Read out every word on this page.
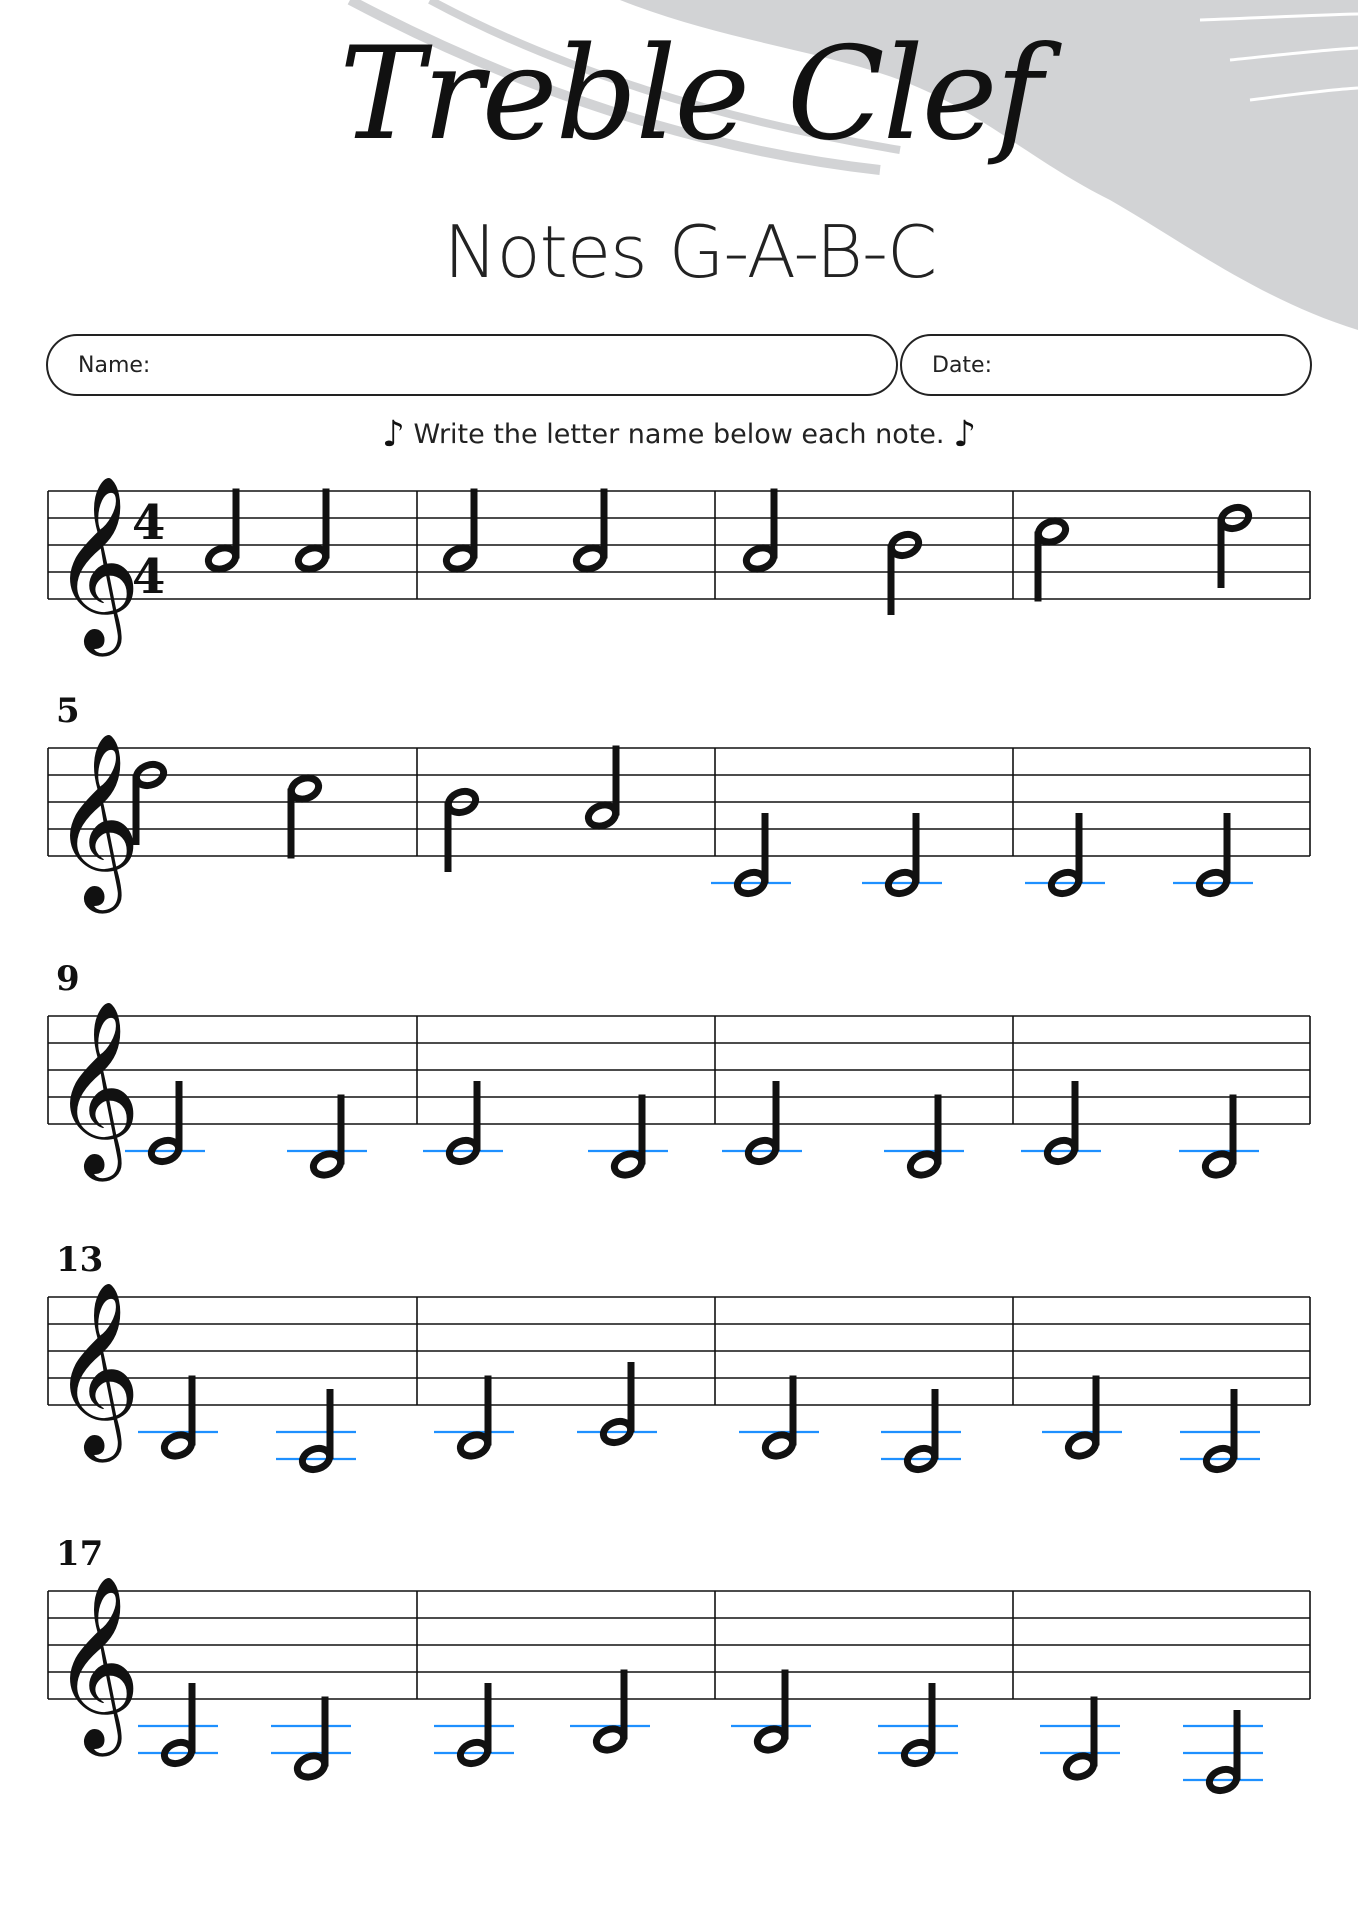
Treble Clef
Notes G-A-B-C
Name:	Date:
♪ Write the letter name below each note. ♪
𝄞
4
4
𝄞
5
𝄞
9
𝄞
13
𝄞
17
